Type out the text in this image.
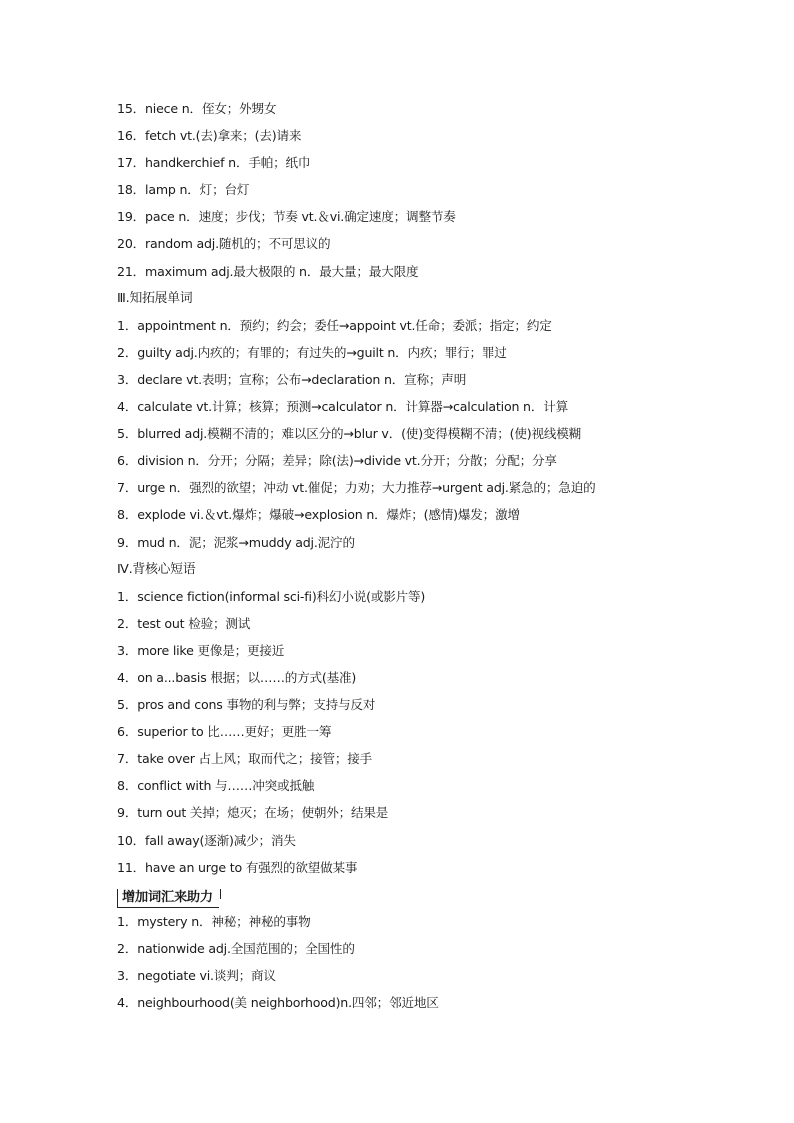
15．niece n．侄女；外甥女
16．fetch vt.(去)拿来；(去)请来
17．handkerchief n．手帕；纸巾
18．lamp n．灯；台灯
19．pace n．速度；步伐；节奏 vt.＆vi.确定速度；调整节奏
20．random adj.随机的；不可思议的
21．maximum adj.最大极限的 n．最大量；最大限度
Ⅲ.知拓展单词
1．appointment n．预约；约会；委任→appoint vt.任命；委派；指定；约定
2．guilty adj.内疚的；有罪的；有过失的→guilt n．内疚；罪行；罪过
3．declare vt.表明；宣称；公布→declaration n．宣称；声明
4．calculate vt.计算；核算；预测→calculator n．计算器→calculation n．计算
5．blurred adj.模糊不清的；难以区分的→blur v．(使)变得模糊不清；(使)视线模糊
6．division n．分开；分隔；差异；除(法)→divide vt.分开；分散；分配；分享
7．urge n．强烈的欲望；冲动 vt.催促；力劝；大力推荐→urgent adj.紧急的；急迫的
8．explode vi.＆vt.爆炸；爆破→explosion n．爆炸；(感情)爆发；激增
9．mud n．泥；泥浆→muddy adj.泥泞的
Ⅳ.背核心短语
1．science fiction(informal sci-fi)科幻小说(或影片等)
2．test out 检验；测试
3．more like 更像是；更接近
4．on a...basis 根据；以……的方式(基准)
5．pros and cons 事物的利与弊；支持与反对
6．superior to 比……更好；更胜一筹
7．take over 占上风；取而代之；接管；接手
8．conflict with 与……冲突或抵触
9．turn out 关掉；熄灭；在场；使朝外；结果是
10．fall away(逐渐)减少；消失
11．have an urge to 有强烈的欲望做某事
增加词汇来助力
1．mystery n．神秘；神秘的事物
2．nationwide adj.全国范围的；全国性的
3．negotiate vi.谈判；商议
4．neighbourhood(美 neighborhood)n.四邻；邻近地区
